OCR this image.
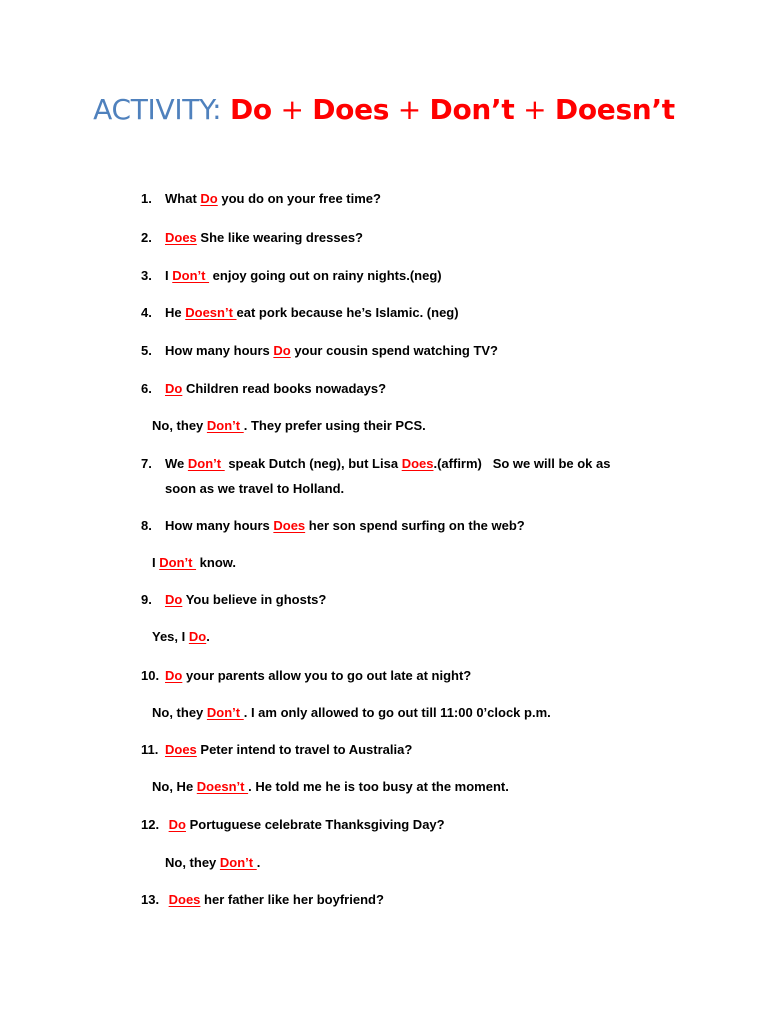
ACTIVITY: Do + Does + Don’t + Doesn’t
1. What Do you do on your free time?
2. Does She like wearing dresses?
3. I Don’t  enjoy going out on rainy nights.(neg)
4. He Doesn’t eat pork because he’s Islamic. (neg)
5. How many hours Do your cousin spend watching TV?
6. Do Children read books nowadays?
No, they Don’t . They prefer using their PCS.
7. We Don’t  speak Dutch (neg), but Lisa Does.(affirm)   So we will be ok as
soon as we travel to Holland.
8. How many hours Does her son spend surfing on the web?
I Don’t  know.
9. Do You believe in ghosts?
Yes, I Do.
10. Do your parents allow you to go out late at night?
No, they Don’t . I am only allowed to go out till 11:00 0’clock p.m.
11. Does Peter intend to travel to Australia?
No, He Doesn’t . He told me he is too busy at the moment.
12. Do Portuguese celebrate Thanksgiving Day?
No, they Don’t .
13. Does her father like her boyfriend?
